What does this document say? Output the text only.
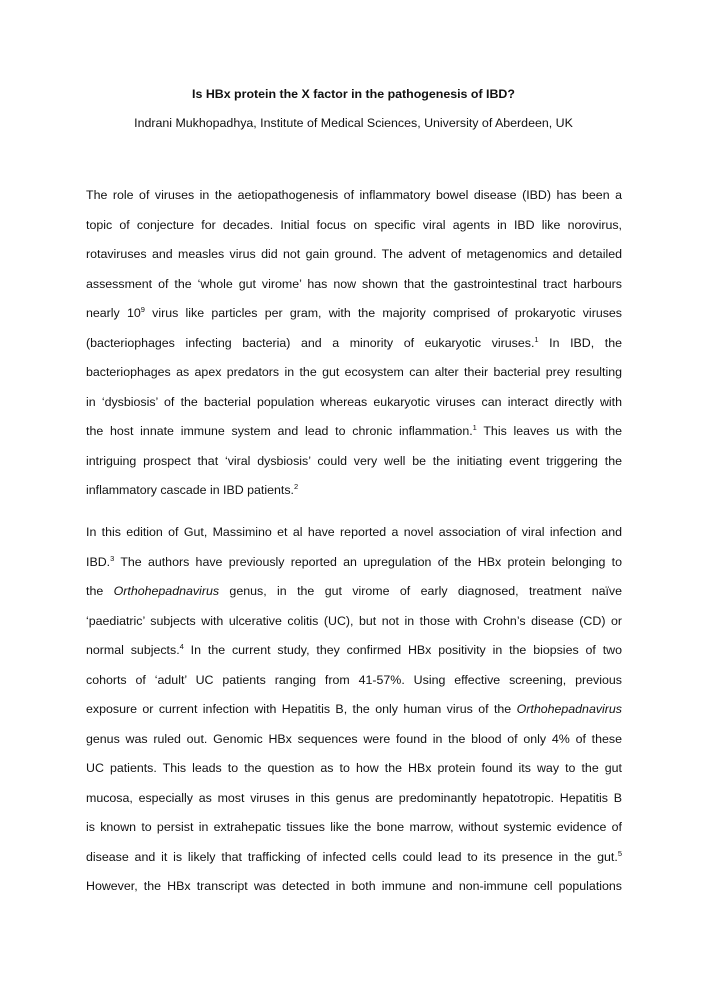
Is HBx protein the X factor in the pathogenesis of IBD?

Indrani Mukhopadhya, Institute of Medical Sciences, University of Aberdeen, UK

The role of viruses in the aetiopathogenesis of inflammatory bowel disease (IBD) has been a
topic of conjecture for decades. Initial focus on specific viral agents in IBD like norovirus,
rotaviruses and measles virus did not gain ground. The advent of metagenomics and detailed
assessment of the ‘whole gut virome’ has now shown that the gastrointestinal tract harbours
nearly $10^9$ virus like particles per gram, with the majority comprised of prokaryotic viruses
(bacteriophages infecting bacteria) and a minority of eukaryotic viruses.$^1$ In IBD, the
bacteriophages as apex predators in the gut ecosystem can alter their bacterial prey resulting
in ‘dysbiosis’ of the bacterial population whereas eukaryotic viruses can interact directly with
the host innate immune system and lead to chronic inflammation.$^1$ This leaves us with the
intriguing prospect that ‘viral dysbiosis’ could very well be the initiating event triggering the
inflammatory cascade in IBD patients.$^2$
In this edition of Gut, Massimino et al have reported a novel association of viral infection and
IBD.$^3$ The authors have previously reported an upregulation of the HBx protein belonging to
the Orthohepadnavirus genus, in the gut virome of early diagnosed, treatment naïve
‘paediatric’ subjects with ulcerative colitis (UC), but not in those with Crohn’s disease (CD) or
normal subjects.$^4$ In the current study, they confirmed HBx positivity in the biopsies of two
cohorts of ‘adult’ UC patients ranging from 41-57%. Using effective screening, previous
exposure or current infection with Hepatitis B, the only human virus of the Orthohepadnavirus
genus was ruled out. Genomic HBx sequences were found in the blood of only 4% of these
UC patients. This leads to the question as to how the HBx protein found its way to the gut
mucosa, especially as most viruses in this genus are predominantly hepatotropic. Hepatitis B
is known to persist in extrahepatic tissues like the bone marrow, without systemic evidence of
disease and it is likely that trafficking of infected cells could lead to its presence in the gut.$^5$
However, the HBx transcript was detected in both immune and non-immune cell populations
